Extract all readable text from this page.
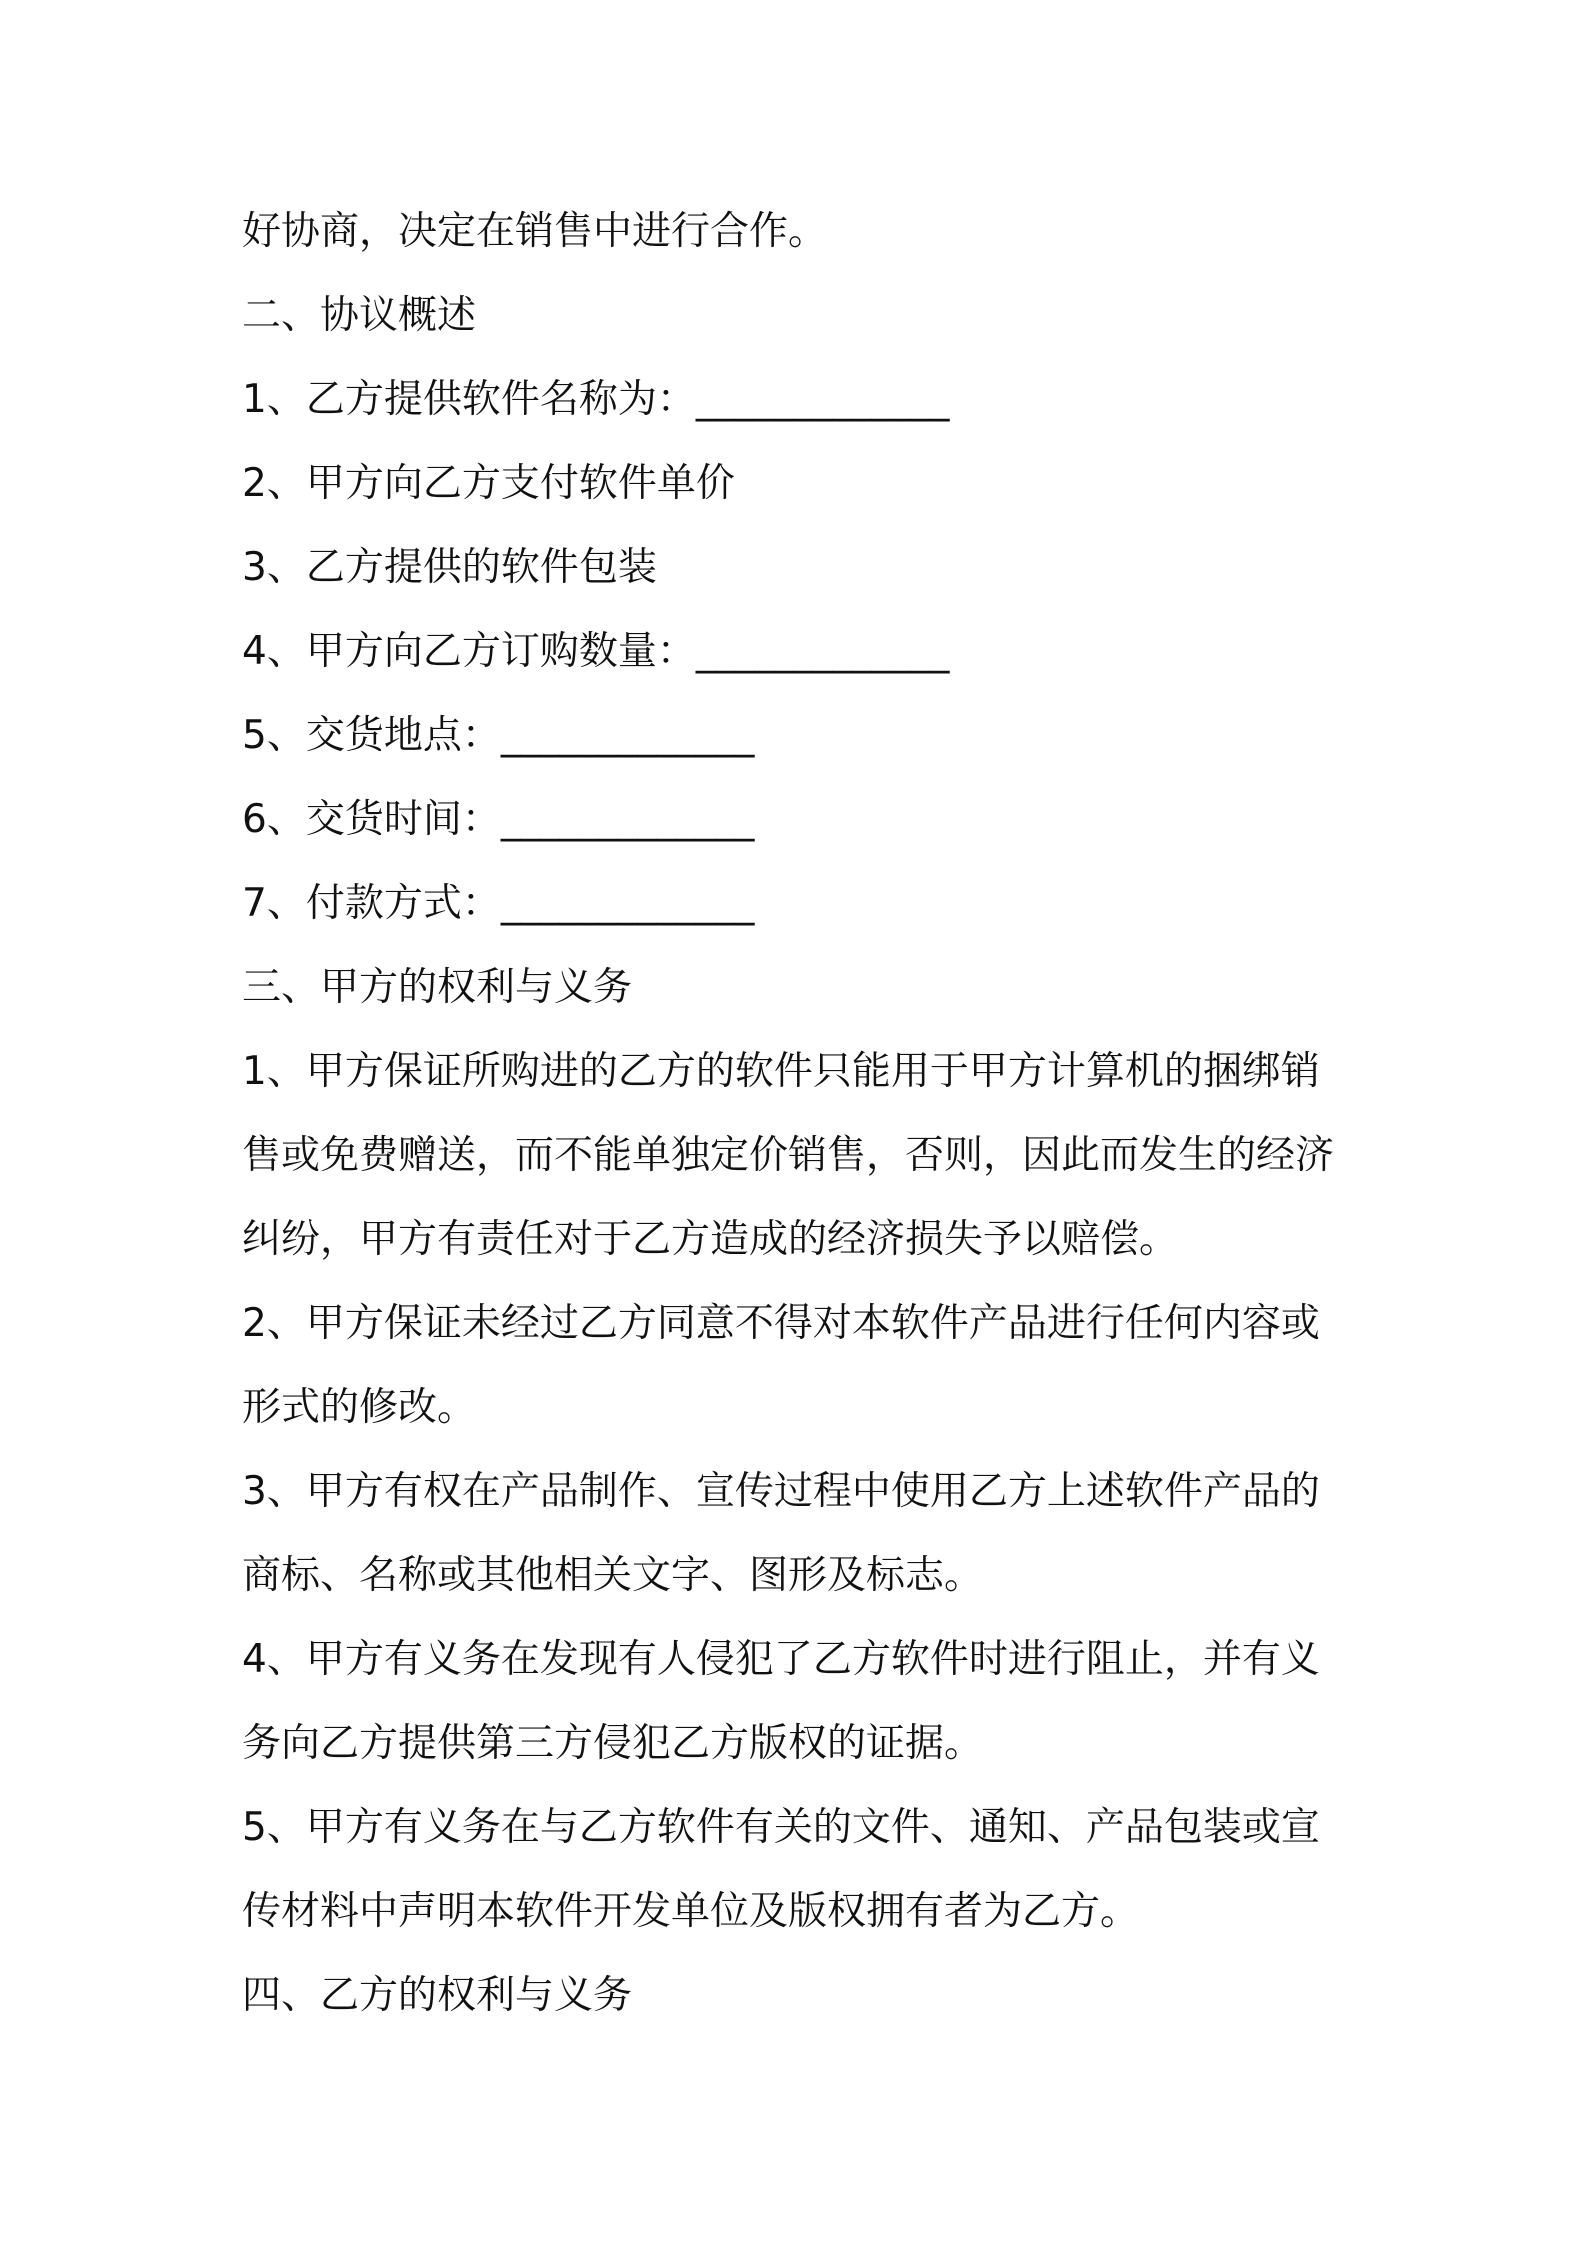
好协商，决定在销售中进行合作。
二、协议概述
1、乙方提供软件名称为：_____________
2、甲方向乙方支付软件单价
3、乙方提供的软件包装
4、甲方向乙方订购数量：_____________
5、交货地点：_____________
6、交货时间：_____________
7、付款方式：_____________
三、甲方的权利与义务
1、甲方保证所购进的乙方的软件只能用于甲方计算机的捆绑销
售或免费赠送，而不能单独定价销售，否则，因此而发生的经济
纠纷，甲方有责任对于乙方造成的经济损失予以赔偿。
2、甲方保证未经过乙方同意不得对本软件产品进行任何内容或
形式的修改。
3、甲方有权在产品制作、宣传过程中使用乙方上述软件产品的
商标、名称或其他相关文字、图形及标志。
4、甲方有义务在发现有人侵犯了乙方软件时进行阻止，并有义
务向乙方提供第三方侵犯乙方版权的证据。
5、甲方有义务在与乙方软件有关的文件、通知、产品包装或宣
传材料中声明本软件开发单位及版权拥有者为乙方。
四、乙方的权利与义务
